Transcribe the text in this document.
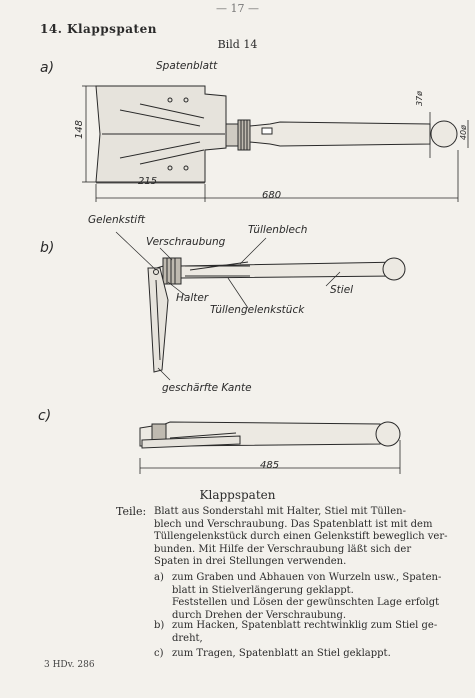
— 17 —
14. Klappspaten
Bild 14
a)	Spatenblatt
148
215
680
37ø
40ø
b)
Gelenkstift
Verschraubung
Tüllenblech
Halter
Tüllengelenkstück
Stiel
geschärfte Kante
c)
485
Klappspaten
Teile: Blatt aus Sonderstahl mit Halter, Stiel mit Tüllen-
blech und Verschraubung. Das Spatenblatt ist mit dem
Tüllengelenkstück durch einen Gelenkstift beweglich ver-
bunden. Mit Hilfe der Verschraubung läßt sich der
Spaten in drei Stellungen verwenden.
a) zum Graben und Abhauen von Wurzeln usw., Spaten-
blatt in Stielverlängerung geklappt.
Feststellen und Lösen der gewünschten Lage erfolgt
durch Drehen der Verschraubung.
b) zum Hacken, Spatenblatt rechtwinklig zum Stiel ge-
dreht,
c) zum Tragen, Spatenblatt an Stiel geklappt.
3 HDv. 286
